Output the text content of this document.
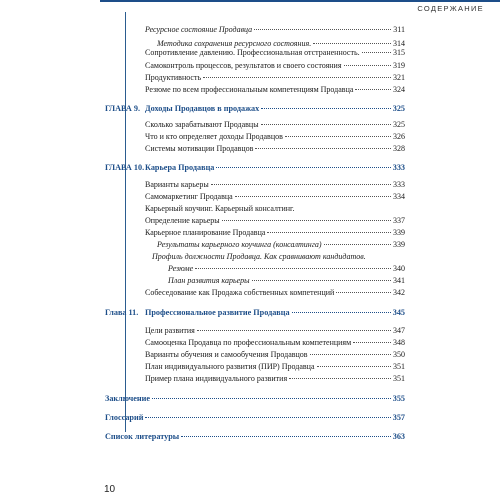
СОДЕРЖАНИЕ
Ресурсное состояние Продавца	311
Методика сохранения ресурсного состояния.	314
Сопротивление давлению. Профессиональная отстраненность.	315
Самоконтроль процессов, результатов и своего состояния	319
Продуктивность	321
Резюме по всем профессиональным компетенциям Продавца	324
ГЛАВА 9. Доходы Продавцов в продажах	325
Сколько зарабатывают Продавцы	325
Что и кто определяет доходы Продавцов	326
Системы мотивации Продавцов	328
ГЛАВА 10.Карьера Продавца	333
Варианты карьеры	333
Самомаркетинг Продавца	334
Карьерный коучинг. Карьерный консалтинг.
Определение карьеры	337
Карьерное планирование Продавца	339
Результаты карьерного коучинга (консалтинга)	339
Профиль должности Продавца. Как сравнивают кандидатов.
Резюме	340
План развития карьеры	341
Собеседование как Продажа собственных компетенций	342
Глава 11. Профессиональное развитие Продавца	345
Цели развития	347
Самооценка Продавца по профессиональным компетенциям	348
Варианты обучения и самообучения Продавцов	350
План индивидуального развития (ПИР) Продавца	351
Пример плана индивидуального развития	351
Заключение	355
Глоссарий	357
Список литературы	363
10
